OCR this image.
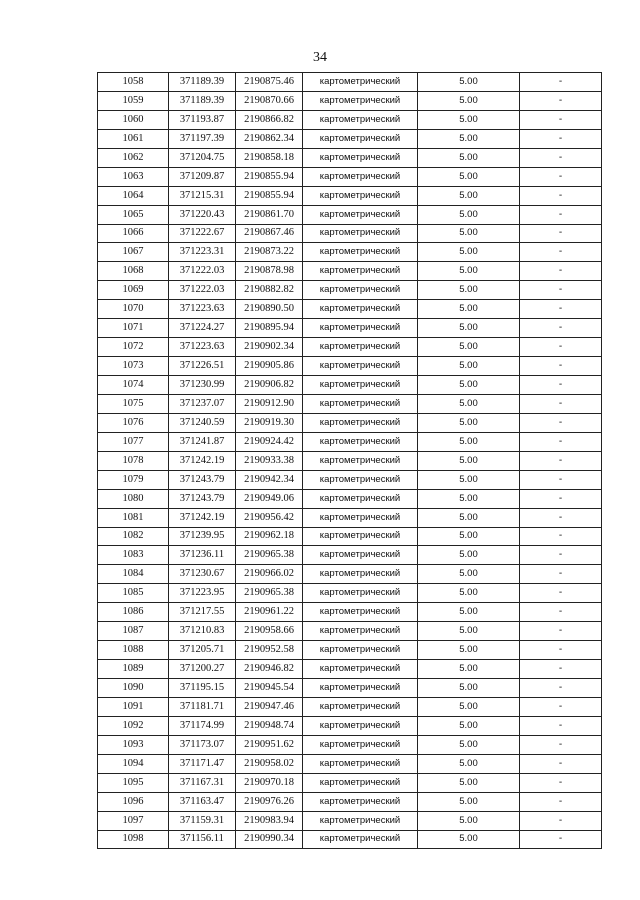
34
1058	371189.39	2190875.46	картометрический	5.00	-
1059	371189.39	2190870.66	картометрический	5.00	-
1060	371193.87	2190866.82	картометрический	5.00	-
1061	371197.39	2190862.34	картометрический	5.00	-
1062	371204.75	2190858.18	картометрический	5.00	-
1063	371209.87	2190855.94	картометрический	5.00	-
1064	371215.31	2190855.94	картометрический	5.00	-
1065	371220.43	2190861.70	картометрический	5.00	-
1066	371222.67	2190867.46	картометрический	5.00	-
1067	371223.31	2190873.22	картометрический	5.00	-
1068	371222.03	2190878.98	картометрический	5.00	-
1069	371222.03	2190882.82	картометрический	5.00	-
1070	371223.63	2190890.50	картометрический	5.00	-
1071	371224.27	2190895.94	картометрический	5.00	-
1072	371223.63	2190902.34	картометрический	5.00	-
1073	371226.51	2190905.86	картометрический	5.00	-
1074	371230.99	2190906.82	картометрический	5.00	-
1075	371237.07	2190912.90	картометрический	5.00	-
1076	371240.59	2190919.30	картометрический	5.00	-
1077	371241.87	2190924.42	картометрический	5.00	-
1078	371242.19	2190933.38	картометрический	5.00	-
1079	371243.79	2190942.34	картометрический	5.00	-
1080	371243.79	2190949.06	картометрический	5.00	-
1081	371242.19	2190956.42	картометрический	5.00	-
1082	371239.95	2190962.18	картометрический	5.00	-
1083	371236.11	2190965.38	картометрический	5.00	-
1084	371230.67	2190966.02	картометрический	5.00	-
1085	371223.95	2190965.38	картометрический	5.00	-
1086	371217.55	2190961.22	картометрический	5.00	-
1087	371210.83	2190958.66	картометрический	5.00	-
1088	371205.71	2190952.58	картометрический	5.00	-
1089	371200.27	2190946.82	картометрический	5.00	-
1090	371195.15	2190945.54	картометрический	5.00	-
1091	371181.71	2190947.46	картометрический	5.00	-
1092	371174.99	2190948.74	картометрический	5.00	-
1093	371173.07	2190951.62	картометрический	5.00	-
1094	371171.47	2190958.02	картометрический	5.00	-
1095	371167.31	2190970.18	картометрический	5.00	-
1096	371163.47	2190976.26	картометрический	5.00	-
1097	371159.31	2190983.94	картометрический	5.00	-
1098	371156.11	2190990.34	картометрический	5.00	-
